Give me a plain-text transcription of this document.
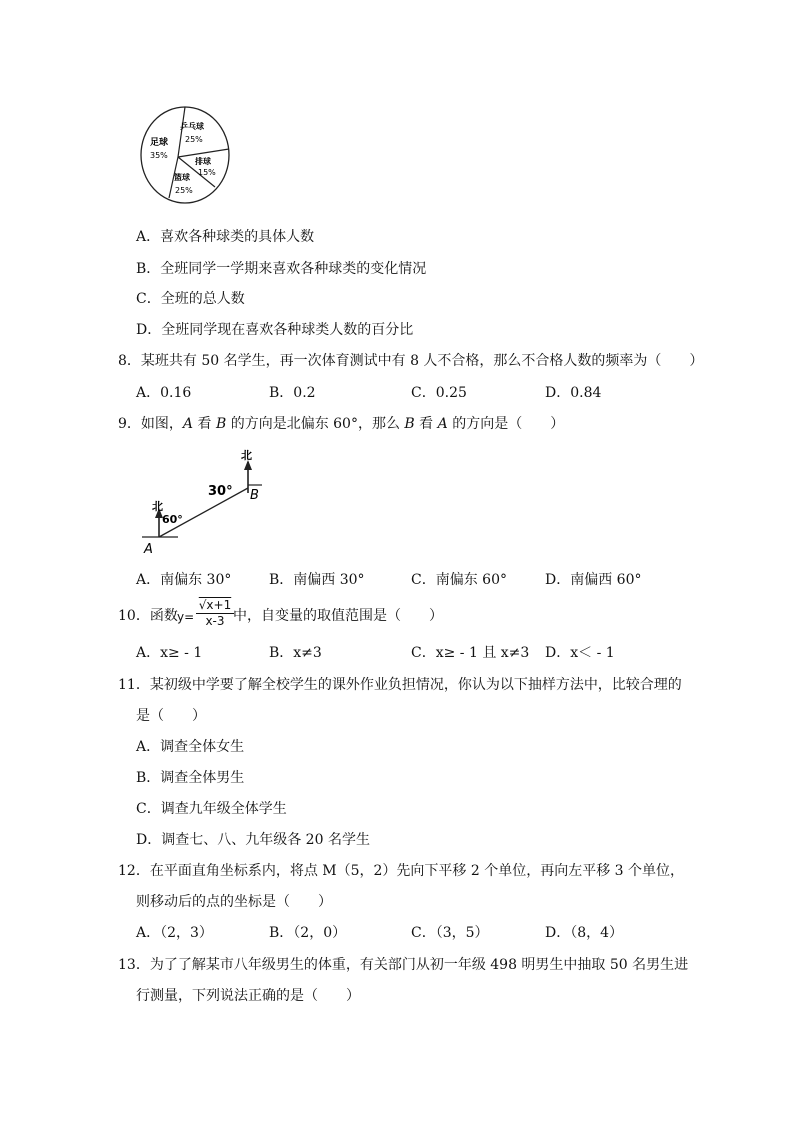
足球
35%
乒乓球
25%
排球
15%
篮球
25%
A．喜欢各种球类的具体人数
B．全班同学一学期来喜欢各种球类的变化情况
C．全班的总人数
D．全班同学现在喜欢各种球类人数的百分比
8．某班共有 50 名学生，再一次体育测试中有 8 人不合格，那么不合格人数的频率为（　　）
A．0.16	B．0.2	C．0.25	D．0.84
9．如图，A 看 B 的方向是北偏东 60°，那么 B 看 A 的方向是（　　）
北
30° B
北
60°
A
A．南偏东 30°	B．南偏西 30°	C．南偏东 60°	D．南偏西 60°
10．函数 $y= \frac{√x+1}{x-3}$ 中，自变量的取值范围是（　　）
A．x≥ - 1	B．x≠3	C．x≥ - 1 且 x≠3 D．x＜ - 1
11．某初级中学要了解全校学生的课外作业负担情况，你认为以下抽样方法中，比较合理的
是（　　）
A．调查全体女生
B．调查全体男生
C．调查九年级全体学生
D．调查七、八、九年级各 20 名学生
12．在平面直角坐标系内，将点 M（5，2）先向下平移 2 个单位，再向左平移 3 个单位，
则移动后的点的坐标是（　　）
A．（2，3）	B．（2，0）	C．（3，5）	D．（8，4）
13．为了了解某市八年级男生的体重，有关部门从初一年级 498 明男生中抽取 50 名男生进
行测量，下列说法正确的是（　　）
